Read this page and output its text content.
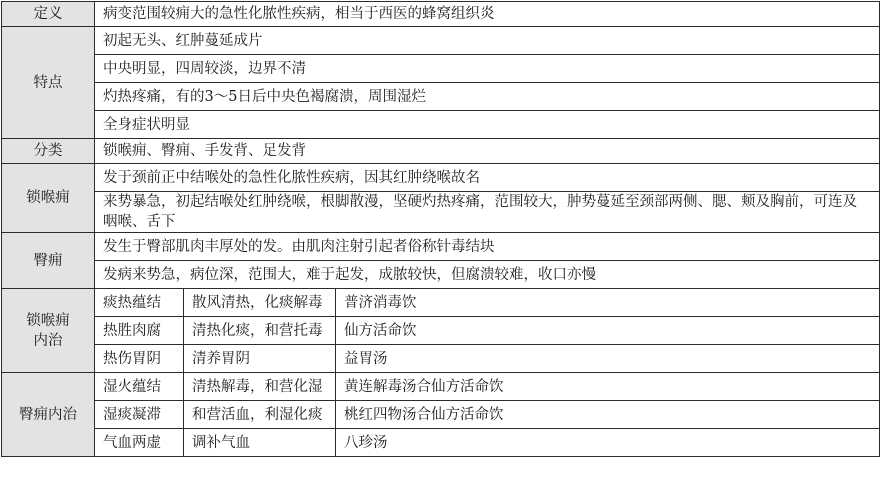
定义	病变范围较痈大的急性化脓性疾病，相当于西医的蜂窝组织炎		
特点	初起无头、红肿蔓延成片		
	中央明显，四周较淡，边界不清		
	灼热疼痛，有的3～5日后中央色褐腐溃，周围湿烂		
	全身症状明显		
分类	锁喉痈、臀痈、手发背、足发背		
锁喉痈	发于颈前正中结喉处的急性化脓性疾病，因其红肿绕喉故名		
	来势暴急，初起结喉处红肿绕喉，根脚散漫，坚硬灼热疼痛，范围较大，肿势蔓延至颈部两侧、腮、颊及胸前，可连及咽喉、舌下		
臀痈	发生于臀部肌肉丰厚处的发。由肌肉注射引起者俗称针毒结块		
	发病来势急，病位深，范围大，难于起发，成脓较快，但腐溃较难，收口亦慢		
锁喉痈
内治	痰热蕴结	散风清热，化痰解毒	普济消毒饮
	热胜肉腐	清热化痰，和营托毒	仙方活命饮
	热伤胃阴	清养胃阴	益胃汤
臀痈内治	湿火蕴结	清热解毒，和营化湿	黄连解毒汤合仙方活命饮
	湿痰凝滞	和营活血，利湿化痰	桃红四物汤合仙方活命饮
	气血两虚	调补气血	八珍汤
